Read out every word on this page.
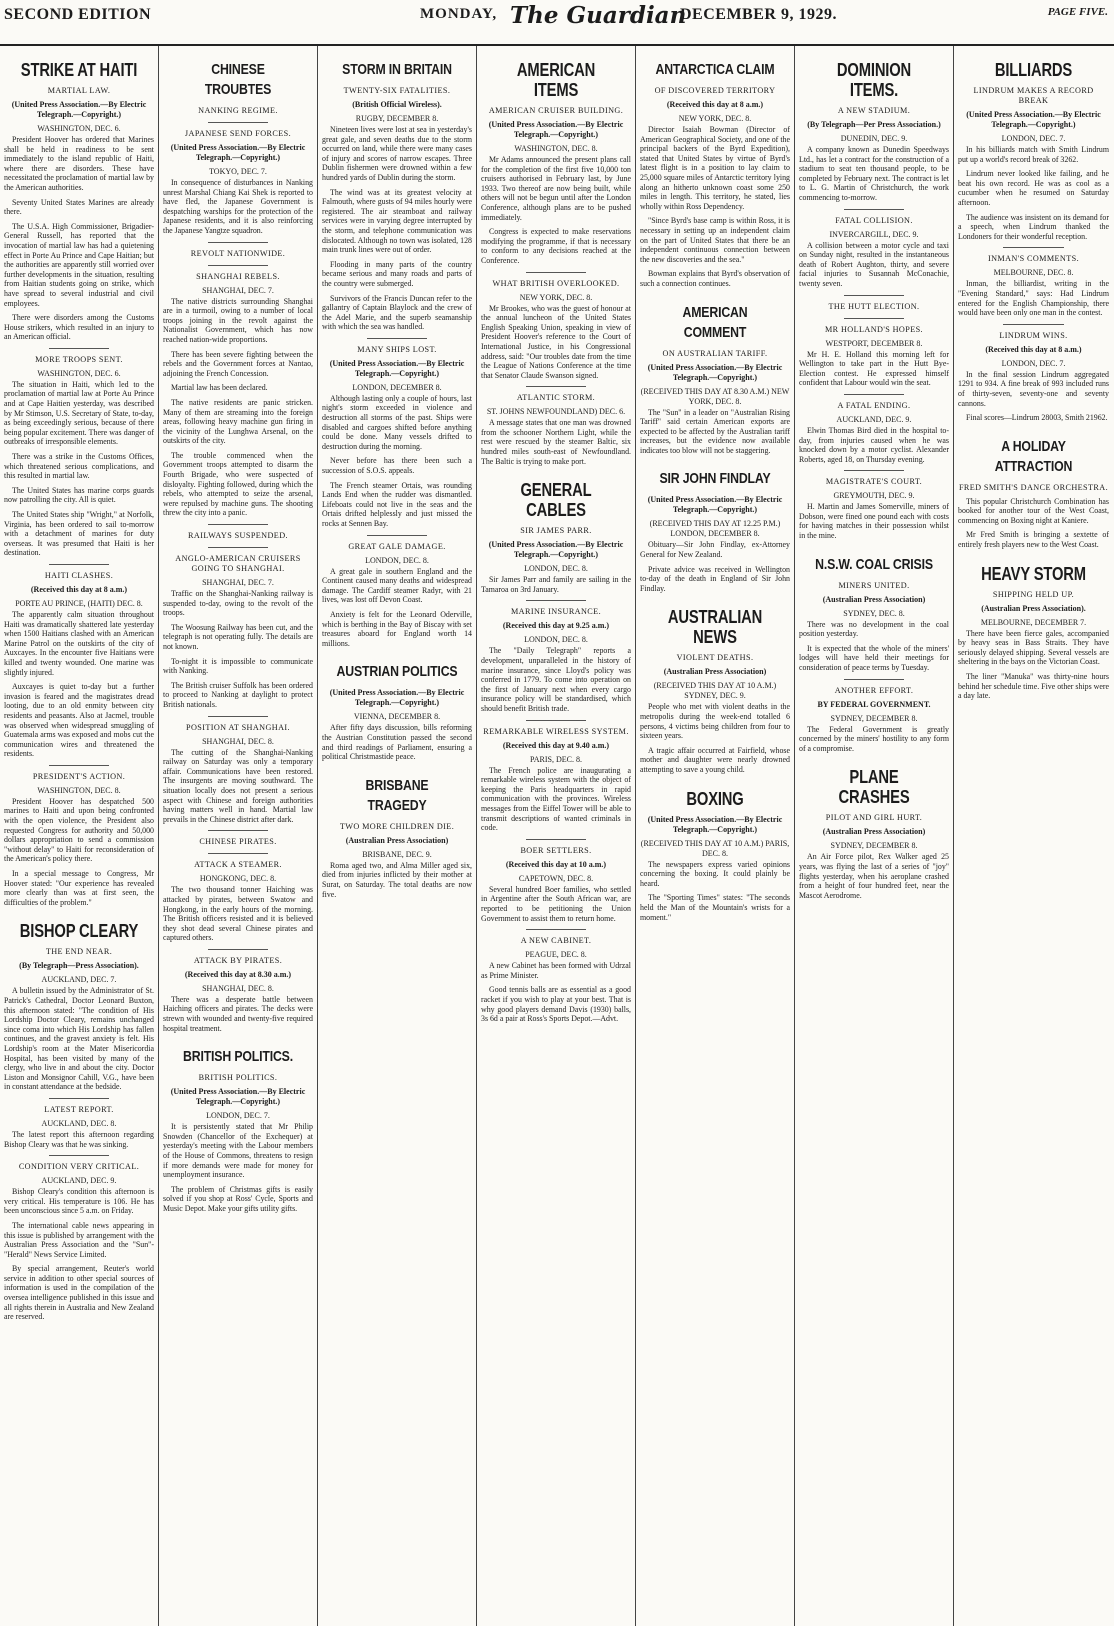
SECOND EDITION	MONDAY, The Guardian
DECEMBER 9, 1929.	PAGE FIVE.
STRIKE AT HAITI
MARTIAL LAW.
(United Press Association.—By Electric Telegraph.—Copyright.)
WASHINGTON, DEC. 6.

President Hoover has ordered that Marines shall be held in readiness to be sent immediately to the island republic of Haiti, where there are disorders. These have necessitated the proclamation of martial law by the American authorities.

Seventy United States Marines are already there.

The U.S.A. High Commissioner, Brigadier-General Russell, has reported that the invocation of martial law has had a quietening effect in Porte Au Prince and Cape Haitian; but the authorities are apparently still worried over further developments in the situation, resulting from Haitian students going on strike, which have spread to several industrial and civil employees.

There were disorders among the Customs House strikers, which resulted in an injury to an American official.

MORE TROOPS SENT.
WASHINGTON, DEC. 6.

The situation in Haiti, which led to the proclamation of martial law at Porte Au Prince and at Cape Haitien yesterday, was described by Mr Stimson, U.S. Secretary of State, to-day, as being exceedingly serious, because of there being popular excitement. There was danger of outbreaks of irresponsible elements.

There was a strike in the Customs Offices, which threatened serious complications, and this resulted in martial law.

The United States has marine corps guards now patrolling the city. All is quiet.

The United States ship "Wright," at Norfolk, Virginia, has been ordered to sail to-morrow with a detachment of marines for duty overseas. It was presumed that Haiti is her destination.

HAITI CLASHES.
(Received this day at 8 a.m.)
PORTE AU PRINCE, (HAITI) DEC. 8.

The apparently calm situation throughout Haiti was dramatically shattered late yesterday when 1500 Haitians clashed with an American Marine Patrol on the outskirts of the city of Auxcayes. In the encounter five Haitians were killed and twenty wounded. One marine was slightly injured.

Auxcayes is quiet to-day but a further invasion is feared and the magistrates dread looting, due to an old enmity between city residents and peasants. Also at Jacmel, trouble was observed when widespread smuggling of Guatemala arms was exposed and mobs cut the communication wires and threatened the residents.

PRESIDENT'S ACTION.
WASHINGTON, DEC. 8.

President Hoover has despatched 500 marines to Haiti and upon being confronted with the open violence, the President also requested Congress for authority and 50,000 dollars appropriation to send a commission "without delay" to Haiti for reconsideration of the American's policy there.

In a special message to Congress, Mr Hoover stated: "Our experience has revealed more clearly than was at first seen, the difficulties of the problem."

BISHOP CLEARY
THE END NEAR.
(By Telegraph—Press Association).
AUCKLAND, DEC. 7.

A bulletin issued by the Administrator of St. Patrick's Cathedral, Doctor Leonard Buxton, this afternoon stated: "The condition of His Lordship Doctor Cleary, remains unchanged since coma into which His Lordship has fallen continues, and the gravest anxiety is felt. His Lordship's room at the Mater Misericordia Hospital, has been visited by many of the clergy, who live in and about the city. Doctor Liston and Monsignor Cahill, V.G., have been in constant attendance at the bedside.

LATEST REPORT.
AUCKLAND, DEC. 8.

The latest report this afternoon regarding Bishop Cleary was that he was sinking.

CONDITION VERY CRITICAL.
AUCKLAND, DEC. 9.

Bishop Cleary's condition this afternoon is very critical. His temperature is 106. He has been unconscious since 5 a.m. on Friday.

The international cable news appearing in this issue is published by arrangement with the Australian Press Association and the "Sun"-"Herald" News Service Limited.

By special arrangement, Reuter's world service in addition to other special sources of information is used in the compilation of the oversea intelligence published in this issue and all rights therein in Australia and New Zealand are reserved.

CHINESE TROUBTES
NANKING REGIME.
JAPANESE SEND FORCES.
(United Press Association.—By Electric Telegraph.—Copyright.)
TOKYO, DEC. 7.

In consequence of disturbances in Nanking unrest Marshal Chiang Kai Shek is reported to have fled, the Japanese Government is despatching warships for the protection of the Japanese residents, and it is also reinforcing the Japanese Yangtze squadron.

REVOLT NATIONWIDE.
SHANGHAI REBELS.
SHANGHAI, DEC. 7.

The native districts surrounding Shanghai are in a turmoil, owing to a number of local troops joining in the revolt against the Nationalist Government, which has now reached nation-wide proportions.

There has been severe fighting between the rebels and the Government forces at Nantao, adjoining the French Concession.

Martial law has been declared.

The native residents are panic stricken. Many of them are streaming into the foreign areas, following heavy machine gun firing in the vicinity of the Lunghwa Arsenal, on the outskirts of the city.

The trouble commenced when the Government troops attempted to disarm the Fourth Brigade, who were suspected of disloyalty. Fighting followed, during which the rebels, who attempted to seize the arsenal, were repulsed by machine guns. The shooting threw the city into a panic.

RAILWAYS SUSPENDED.
ANGLO-AMERICAN CRUISERS GOING TO SHANGHAI.
SHANGHAI, DEC. 7.

Traffic on the Shanghai-Nanking railway is suspended to-day, owing to the revolt of the troops.

The Woosung Railway has been cut, and the telegraph is not operating fully. The details are not known.

To-night it is impossible to communicate with Nanking.

The British cruiser Suffolk has been ordered to proceed to Nanking at daylight to protect British nationals.

POSITION AT SHANGHAI.
SHANGHAI, DEC. 8.

The cutting of the Shanghai-Nanking railway on Saturday was only a temporary affair. Communications have been restored. The insurgents are moving southward. The situation locally does not present a serious aspect with Chinese and foreign authorities having matters well in hand. Martial law prevails in the Chinese district after dark.

CHINESE PIRATES.
ATTACK A STEAMER.
HONGKONG, DEC. 8.

The two thousand tonner Haiching was attacked by pirates, between Swatow and Hongkong, in the early hours of the morning. The British officers resisted and it is believed they shot dead several Chinese pirates and captured others.

ATTACK BY PIRATES.
(Received this day at 8.30 a.m.)
SHANGHAI, DEC. 8.

There was a desperate battle between Haiching officers and pirates. The decks were strewn with wounded and twenty-five required hospital treatment.

BRITISH POLITICS.
BRITISH POLITICS.
(United Press Association.—By Electric Telegraph.—Copyright.)
LONDON, DEC. 7.

It is persistently stated that Mr Philip Snowden (Chancellor of the Exchequer) at yesterday's meeting with the Labour members of the House of Commons, threatens to resign if more demands were made for money for unemployment insurance.

The problem of Christmas gifts is easily solved if you shop at Ross' Cycle, Sports and Music Depot. Make your gifts utility gifts.

STORM IN BRITAIN
TWENTY-SIX FATALITIES.
(British Official Wireless).
RUGBY, DECEMBER 8.

Nineteen lives were lost at sea in yesterday's great gale, and seven deaths due to the storm occurred on land, while there were many cases of injury and scores of narrow escapes. Three Dublin fishermen were drowned within a few hundred yards of Dublin during the storm.

The wind was at its greatest velocity at Falmouth, where gusts of 94 miles hourly were registered. The air steamboat and railway services were in varying degree interrupted by the storm, and telephone communication was dislocated. Although no town was isolated, 128 main trunk lines were out of order.

Flooding in many parts of the country became serious and many roads and parts of the country were submerged.

Survivors of the Francis Duncan refer to the gallantry of Captain Blaylock and the crew of the Adel Marie, and the superb seamanship with which the sea was handled.

MANY SHIPS LOST.
(United Press Association.—By Electric Telegraph.—Copyright.)
LONDON, DECEMBER 8.

Although lasting only a couple of hours, last night's storm exceeded in violence and destruction all storms of the past. Ships were disabled and cargoes shifted before anything could be done. Many vessels drifted to destruction during the morning.

Never before has there been such a succession of S.O.S. appeals.

The French steamer Ortais, was rounding Lands End when the rudder was dismantled. Lifeboats could not live in the seas and the Ortais drifted helplessly and just missed the rocks at Sennen Bay.

GREAT GALE DAMAGE.
LONDON, DEC. 8.

A great gale in southern England and the Continent caused many deaths and widespread damage. The Cardiff steamer Radyr, with 21 lives, was lost off Devon Coast.

Anxiety is felt for the Leonard Oderville, which is berthing in the Bay of Biscay with set treasures aboard for England worth 14 millions.

AUSTRIAN POLITICS
(United Press Association.—By Electric Telegraph.—Copyright.)
VIENNA, DECEMBER 8.

After fifty days discussion, bills reforming the Austrian Constitution passed the second and third readings of Parliament, ensuring a political Christmastide peace.

BRISBANE TRAGEDY
TWO MORE CHILDREN DIE.
(Australian Press Association)
BRISBANE, DEC. 9.

Roma aged two, and Alma Miller aged six, died from injuries inflicted by their mother at Surat, on Saturday. The total deaths are now five.

AMERICAN ITEMS
AMERICAN CRUISER BUILDING.
(United Press Association.—By Electric Telegraph.—Copyright.)
WASHINGTON, DEC. 8.

Mr Adams announced the present plans call for the completion of the first five 10,000 ton cruisers authorised in February last, by June 1933. Two thereof are now being built, while others will not be begun until after the London Conference, although plans are to be pushed immediately.

Congress is expected to make reservations modifying the programme, if that is necessary to conform to any decisions reached at the Conference.

WHAT BRITISH OVERLOOKED.
NEW YORK, DEC. 8.

Mr Brookes, who was the guest of honour at the annual luncheon of the United States English Speaking Union, speaking in view of President Hoover's reference to the Court of International Justice, in his Congressional address, said: "Our troubles date from the time the League of Nations Conference at the time that Senator Claude Swanson signed.

ATLANTIC STORM.
ST. JOHNS NEWFOUNDLAND) DEC. 6.

A message states that one man was drowned from the schooner Northern Light, while the rest were rescued by the steamer Baltic, six hundred miles south-east of Newfoundland. The Baltic is trying to make port.

GENERAL CABLES
SIR JAMES PARR.
(United Press Association.—By Electric Telegraph.—Copyright.)
LONDON, DEC. 8.

Sir James Parr and family are sailing in the Tamaroa on 3rd January.

MARINE INSURANCE.
(Received this day at 9.25 a.m.)
LONDON, DEC. 8.

The "Daily Telegraph" reports a development, unparalleled in the history of marine insurance, since Lloyd's policy was conferred in 1779. To come into operation on the first of January next when every cargo insurance policy will be standardised, which should benefit British trade.

REMARKABLE WIRELESS SYSTEM.
(Received this day at 9.40 a.m.)
PARIS, DEC. 8.

The French police are inaugurating a remarkable wireless system with the object of keeping the Paris headquarters in rapid communication with the provinces. Wireless messages from the Eiffel Tower will be able to transmit descriptions of wanted criminals in code.

BOER SETTLERS.
(Received this day at 10 a.m.)
CAPETOWN, DEC. 8.

Several hundred Boer families, who settled in Argentine after the South African war, are reported to be petitioning the Union Government to assist them to return home.

A NEW CABINET.
PEAGUE, DEC. 8.

A new Cabinet has been formed with Udrzal as Prime Minister.

Good tennis balls are as essential as a good racket if you wish to play at your best. That is why good players demand Davis (1930) balls, 3s 6d a pair at Ross's Sports Depot.—Advt.

ANTARCTICA CLAIM
OF DISCOVERED TERRITORY
(Received this day at 8 a.m.)
NEW YORK, DEC. 8.

Director Isaiah Bowman (Director of American Geographical Society, and one of the principal backers of the Byrd Expedition), stated that United States by virtue of Byrd's latest flight is in a position to lay claim to 25,000 square miles of Antarctic territory lying along an hitherto unknown coast some 250 miles in length. This territory, he stated, lies wholly within Ross Dependency.

"Since Byrd's base camp is within Ross, it is necessary in setting up an independent claim on the part of United States that there be an independent continuous connection between the new discoveries and the sea."

Bowman explains that Byrd's observation of such a connection continues.

AMERICAN COMMENT
ON AUSTRALIAN TARIFF.
(United Press Association.—By Electric Telegraph.—Copyright.)
(RECEIVED THIS DAY AT 8.30 A.M.) NEW YORK, DEC. 8.

The "Sun" in a leader on "Australian Rising Tariff" said certain American exports are expected to be affected by the Australian tariff increases, but the evidence now available indicates too blow will not be staggering.

SIR JOHN FINDLAY
(United Press Association.—By Electric Telegraph.—Copyright.)
(RECEIVED THIS DAY AT 12.25 P.M.) LONDON, DECEMBER 8.

Obituary—Sir John Findlay, ex-Attorney General for New Zealand.

Private advice was received in Wellington to-day of the death in England of Sir John Findlay.

AUSTRALIAN NEWS
VIOLENT DEATHS.
(Australian Press Association)
(RECEIVED THIS DAY AT 10 A.M.) SYDNEY, DEC. 9.

People who met with violent deaths in the metropolis during the week-end totalled 6 persons, 4 victims being children from four to sixteen years.

A tragic affair occurred at Fairfield, whose mother and daughter were nearly drowned attempting to save a young child.

BOXING
(United Press Association.—By Electric Telegraph.—Copyright.)
(RECEIVED THIS DAY AT 10 A.M.) PARIS, DEC. 8.

The newspapers express varied opinions concerning the boxing. It could plainly be heard.

The "Sporting Times" states: "The seconds held the Man of the Mountain's wrists for a moment."

DOMINION ITEMS.
A NEW STADIUM.
(By Telegraph—Per Press Association.)
DUNEDIN, DEC. 9.

A company known as Dunedin Speedways Ltd., has let a contract for the construction of a stadium to seat ten thousand people, to be completed by February next. The contract is let to L. G. Martin of Christchurch, the work commencing to-morrow.

FATAL COLLISION.
INVERCARGILL, DEC. 9.

A collision between a motor cycle and taxi on Sunday night, resulted in the instantaneous death of Robert Aughton, thirty, and severe facial injuries to Susannah McConachie, twenty seven.

THE HUTT ELECTION.
MR HOLLAND'S HOPES.
WESTPORT, DECEMBER 8.

Mr H. E. Holland this morning left for Wellington to take part in the Hutt Bye-Election contest. He expressed himself confident that Labour would win the seat.

A FATAL ENDING.
AUCKLAND, DEC. 9.

Elwin Thomas Bird died in the hospital to-day, from injuries caused when he was knocked down by a motor cyclist. Alexander Roberts, aged 18, on Thursday evening.

MAGISTRATE'S COURT.
GREYMOUTH, DEC. 9.

H. Martin and James Somerville, miners of Dobson, were fined one pound each with costs for having matches in their possession whilst in the mine.

N.S.W. COAL CRISIS
MINERS UNITED.
(Australian Press Association)
SYDNEY, DEC. 8.

There was no development in the coal position yesterday.

It is expected that the whole of the miners' lodges will have held their meetings for consideration of peace terms by Tuesday.

ANOTHER EFFORT.
BY FEDERAL GOVERNMENT.
SYDNEY, DECEMBER 8.

The Federal Government is greatly concerned by the miners' hostility to any form of a compromise.

PLANE CRASHES
PILOT AND GIRL HURT.
(Australian Press Association)
SYDNEY, DECEMBER 8.

An Air Force pilot, Rex Walker aged 25 years, was flying the last of a series of "joy" flights yesterday, when his aeroplane crashed from a height of four hundred feet, near the Mascot Aerodrome.

BILLIARDS
LINDRUM MAKES A RECORD BREAK
(United Press Association.—By Electric Telegraph.—Copyright.)
LONDON, DEC. 7.

In his billiards match with Smith Lindrum put up a world's record break of 3262.

Lindrum never looked like failing, and he beat his own record. He was as cool as a cucumber when he resumed on Saturday afternoon.

The audience was insistent on its demand for a speech, when Lindrum thanked the Londoners for their wonderful reception.

INMAN'S COMMENTS.
MELBOURNE, DEC. 8.

Inman, the billiardist, writing in the "Evening Standard," says: Had Lindrum entered for the English Championship, there would have been only one man in the contest.

LINDRUM WINS.
(Received this day at 8 a.m.)
LONDON, DEC. 7.

In the final session Lindrum aggregated 1291 to 934. A fine break of 993 included runs of thirty-seven, seventy-one and seventy cannons.

Final scores—Lindrum 28003, Smith 21962.

A HOLIDAY ATTRACTION
FRED SMITH'S DANCE ORCHESTRA.

This popular Christchurch Combination has booked for another tour of the West Coast, commencing on Boxing night at Kaniere.

Mr Fred Smith is bringing a sextette of entirely fresh players new to the West Coast.

HEAVY STORM
SHIPPING HELD UP.
(Australian Press Association).
MELBOURNE, DECEMBER 7.

There have been fierce gales, accompanied by heavy seas in Bass Straits. They have seriously delayed shipping. Several vessels are sheltering in the bays on the Victorian Coast.

The liner "Manuka" was thirty-nine hours behind her schedule time. Five other ships were a day late.
